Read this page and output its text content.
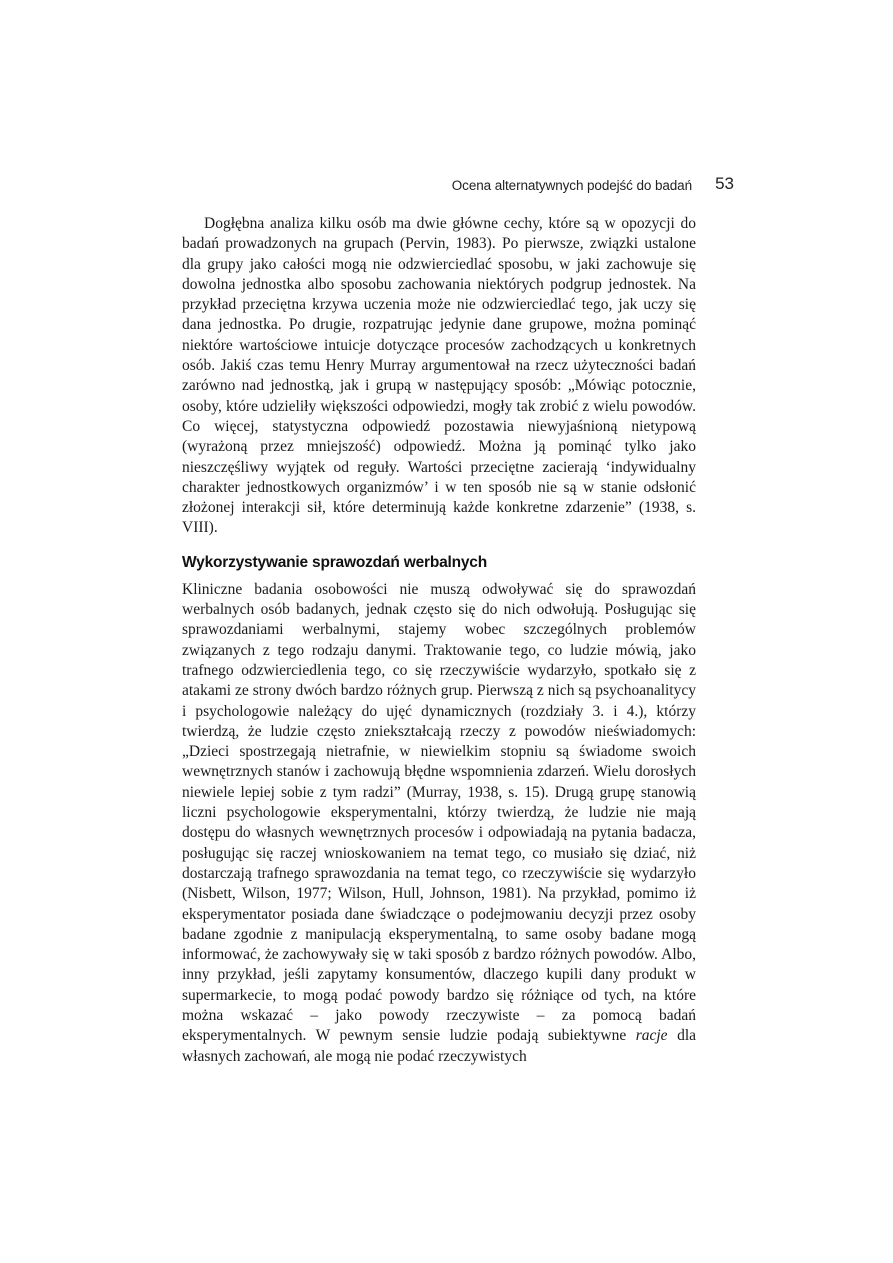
Ocena alternatywnych podejść do badań 53

Dogłębna analiza kilku osób ma dwie główne cechy, które są w opozycji do badań prowadzonych na grupach (Pervin, 1983). Po pierwsze, związki ustalone dla grupy jako całości mogą nie odzwierciedlać sposobu, w jaki zachowuje się dowolna jednostka albo sposobu zachowania niektórych podgrup jednostek. Na przykład przeciętna krzywa uczenia może nie odzwierciedlać tego, jak uczy się dana jednostka. Po drugie, rozpatrując jedynie dane grupowe, można pominąć niektóre wartościowe intuicje dotyczące procesów zachodzących u konkretnych osób. Jakiś czas temu Henry Murray argumentował na rzecz użyteczności badań zarówno nad jednostką, jak i grupą w następujący sposób: „Mówiąc potocznie, osoby, które udzieliły większości odpowiedzi, mogły tak zrobić z wielu powodów. Co więcej, statystyczna odpowiedź pozostawia niewyjaśnioną nietypową (wyrażoną przez mniejszość) odpowiedź. Można ją pominąć tylko jako nieszczęśliwy wyjątek od reguły. Wartości przeciętne zacierają ‘indywidualny charakter jednostkowych organizmów’ i w ten sposób nie są w stanie odsłonić złożonej interakcji sił, które determinują każde konkretne zdarzenie” (1938, s. VIII).

Wykorzystywanie sprawozdań werbalnych

Kliniczne badania osobowości nie muszą odwoływać się do sprawozdań werbalnych osób badanych, jednak często się do nich odwołują. Posługując się sprawozdaniami werbalnymi, stajemy wobec szczególnych problemów związanych z tego rodzaju danymi. Traktowanie tego, co ludzie mówią, jako trafnego odzwierciedlenia tego, co się rzeczywiście wydarzyło, spotkało się z atakami ze strony dwóch bardzo różnych grup. Pierwszą z nich są psychoanalitycy i psychologowie należący do ujęć dynamicznych (rozdziały 3. i 4.), którzy twierdzą, że ludzie często zniekształcają rzeczy z powodów nieświadomych: „Dzieci spostrzegają nietrafnie, w niewielkim stopniu są świadome swoich wewnętrznych stanów i zachowują błędne wspomnienia zdarzeń. Wielu dorosłych niewiele lepiej sobie z tym radzi” (Murray, 1938, s. 15). Drugą grupę stanowią liczni psychologowie eksperymentalni, którzy twierdzą, że ludzie nie mają dostępu do własnych wewnętrznych procesów i odpowiadają na pytania badacza, posługując się raczej wnioskowaniem na temat tego, co musiało się dziać, niż dostarczają trafnego sprawozdania na temat tego, co rzeczywiście się wydarzyło (Nisbett, Wilson, 1977; Wilson, Hull, Johnson, 1981). Na przykład, pomimo iż eksperymentator posiada dane świadczące o podejmowaniu decyzji przez osoby badane zgodnie z manipulacją eksperymentalną, to same osoby badane mogą informować, że zachowywały się w taki sposób z bardzo różnych powodów. Albo, inny przykład, jeśli zapytamy konsumentów, dlaczego kupili dany produkt w supermarkecie, to mogą podać powody bardzo się różniące od tych, na które można wskazać – jako powody rzeczywiste – za pomocą badań eksperymentalnych. W pewnym sensie ludzie podają subiektywne racje dla własnych zachowań, ale mogą nie podać rzeczywistych
